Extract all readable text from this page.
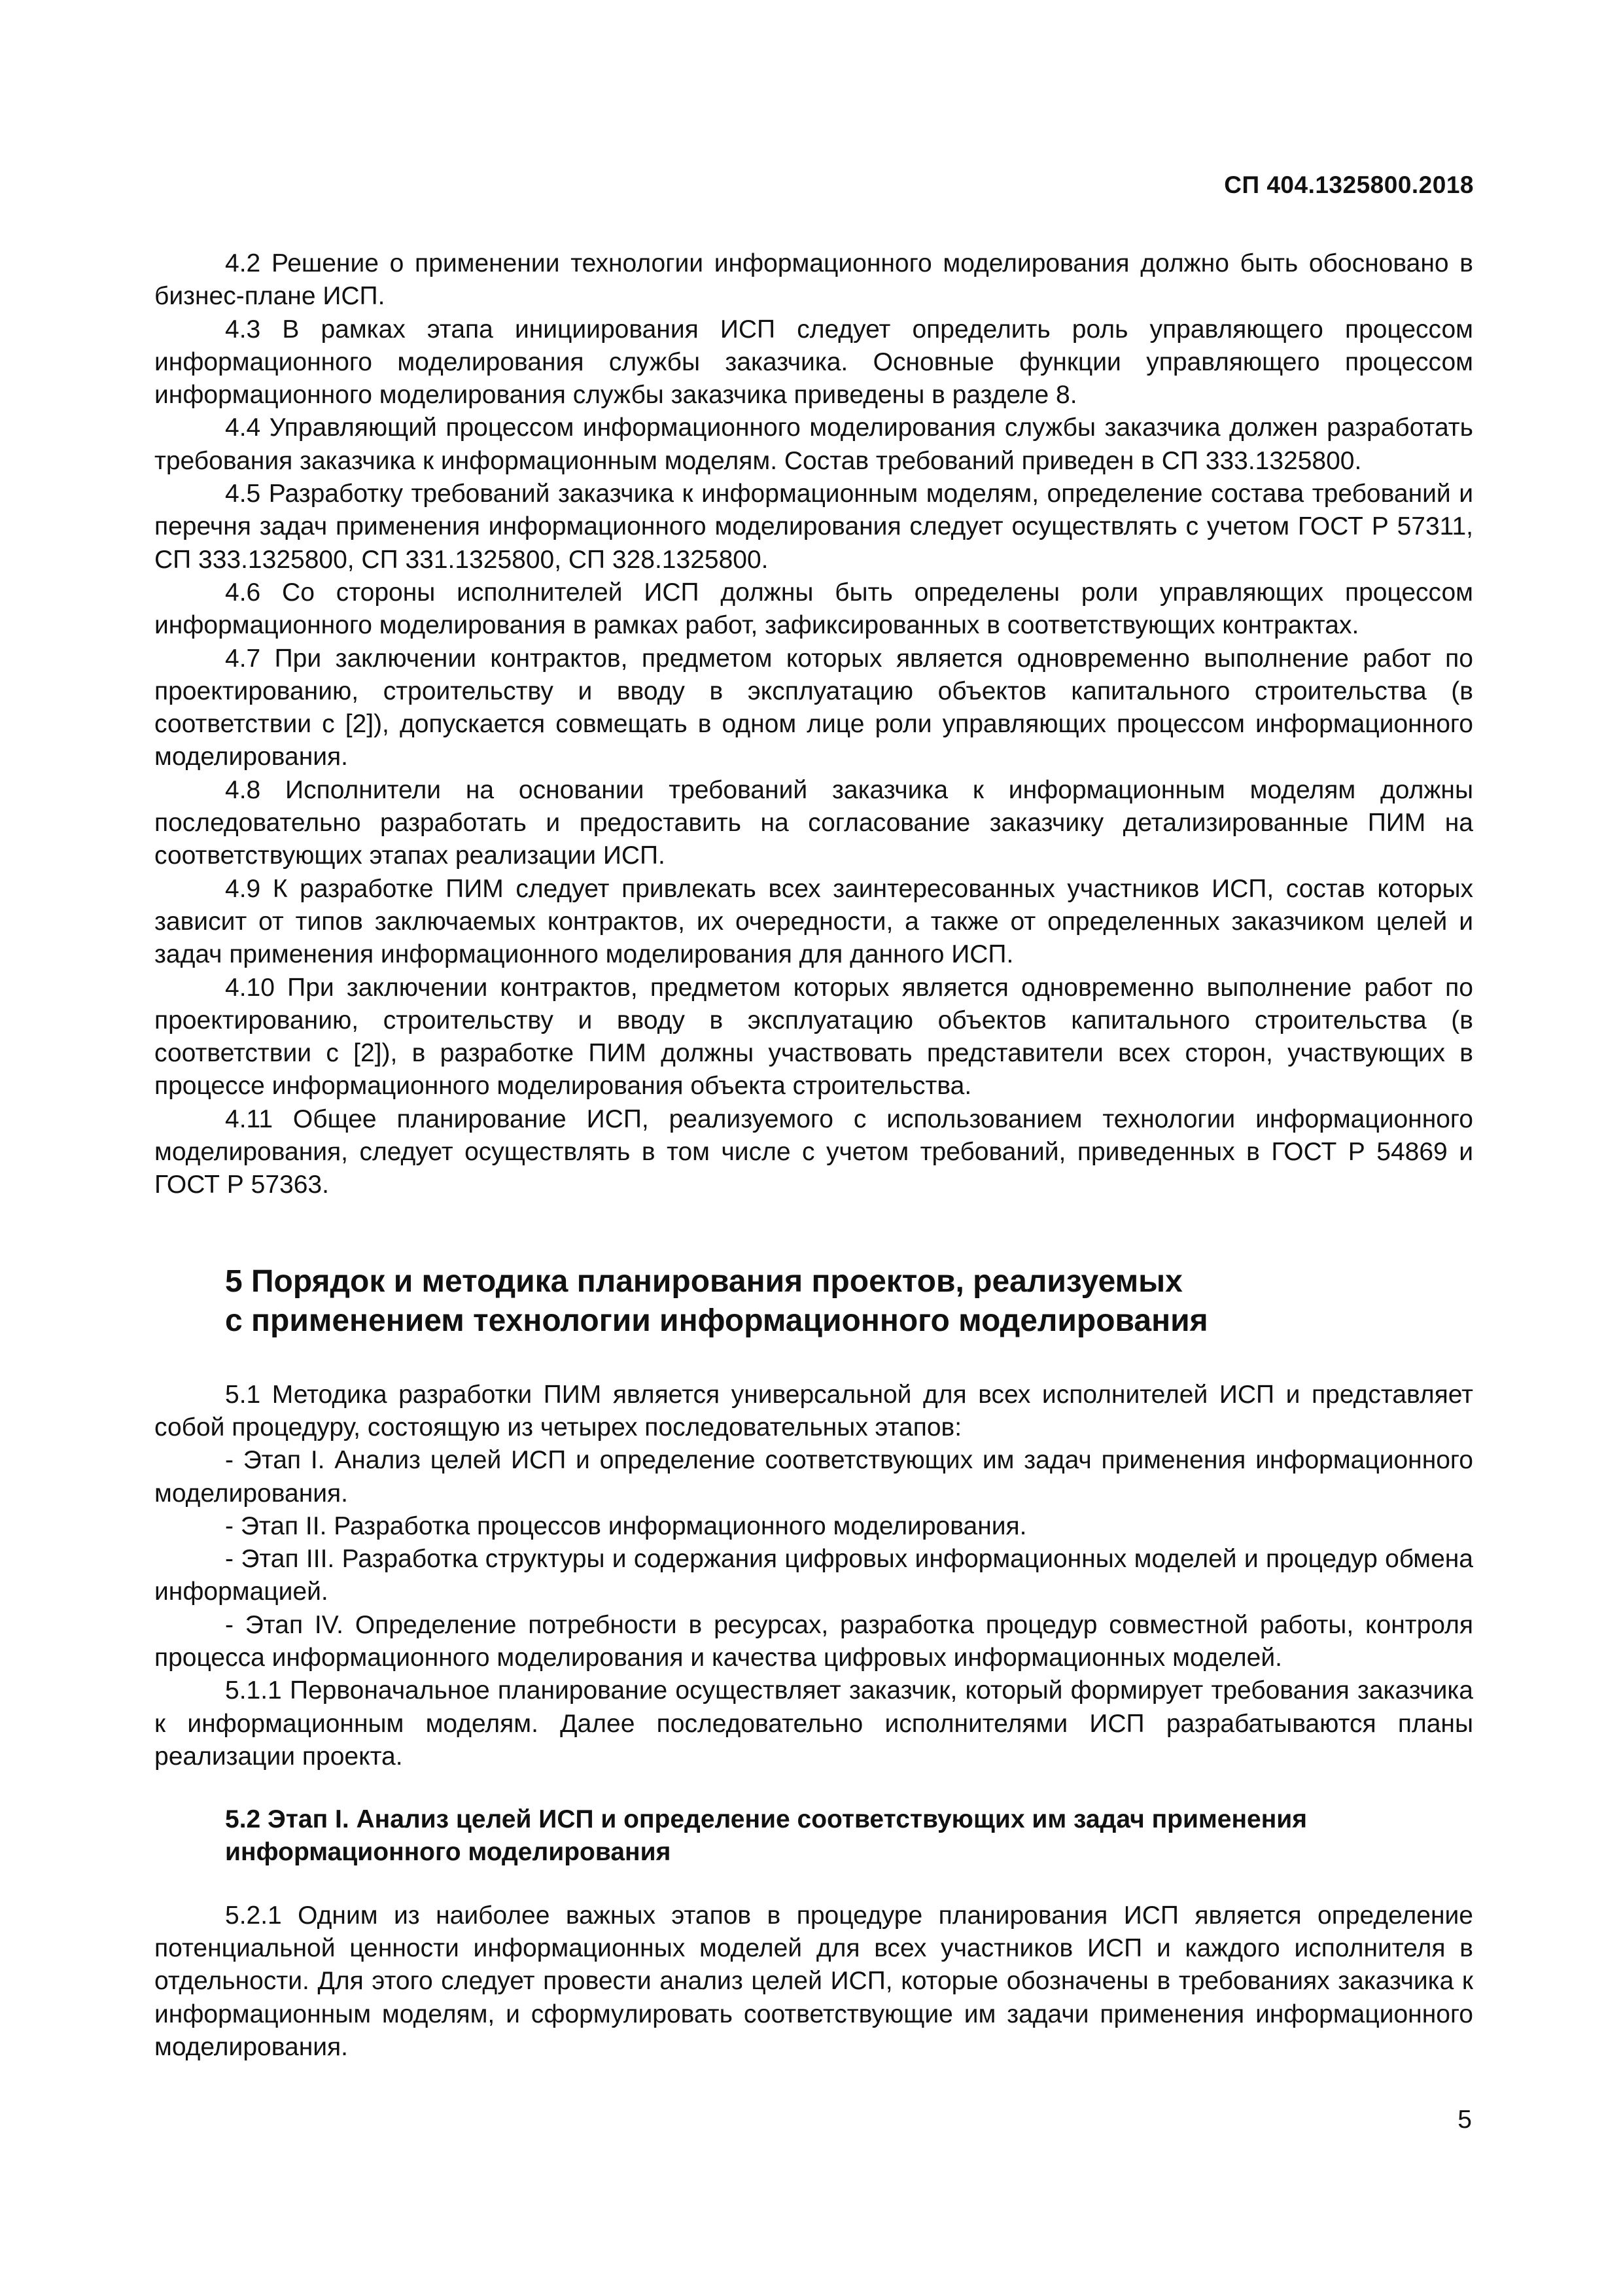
СП 404.1325800.2018

4.2 Решение о применении технологии информационного моделирования должно быть обосновано в бизнес-плане ИСП.

4.3 В рамках этапа инициирования ИСП следует определить роль управляющего процессом информационного моделирования службы заказчика. Основные функции управляющего процессом информационного моделирования службы заказчика приведены в разделе 8.

4.4 Управляющий процессом информационного моделирования службы заказчика должен разработать требования заказчика к информационным моделям. Состав требований приведен в СП 333.1325800.

4.5 Разработку требований заказчика к информационным моделям, определение состава требований и перечня задач применения информационного моделирования следует осуществлять с учетом ГОСТ Р 57311, СП 333.1325800, СП 331.1325800, СП 328.1325800.

4.6 Со стороны исполнителей ИСП должны быть определены роли управляющих процессом информационного моделирования в рамках работ, зафиксированных в соответствующих контрактах.

4.7 При заключении контрактов, предметом которых является одновременно выполнение работ по проектированию, строительству и вводу в эксплуатацию объектов капитального строительства (в соответствии с [2]), допускается совмещать в одном лице роли управляющих процессом информационного моделирования.

4.8 Исполнители на основании требований заказчика к информационным моделям должны последовательно разработать и предоставить на согласование заказчику детализированные ПИМ на соответствующих этапах реализации ИСП.

4.9 К разработке ПИМ следует привлекать всех заинтересованных участников ИСП, состав которых зависит от типов заключаемых контрактов, их очередности, а также от определенных заказчиком целей и задач применения информационного моделирования для данного ИСП.

4.10 При заключении контрактов, предметом которых является одновременно выполнение работ по проектированию, строительству и вводу в эксплуатацию объектов капитального строительства (в соответствии с [2]), в разработке ПИМ должны участвовать представители всех сторон, участвующих в процессе информационного моделирования объекта строительства.

4.11 Общее планирование ИСП, реализуемого с использованием технологии информационного моделирования, следует осуществлять в том числе с учетом требований, приведенных в ГОСТ Р 54869 и ГОСТ Р 57363.

5 Порядок и методика планирования проектов, реализуемых
с применением технологии информационного моделирования

5.1 Методика разработки ПИМ является универсальной для всех исполнителей ИСП и представляет собой процедуру, состоящую из четырех последовательных этапов:

- Этап I. Анализ целей ИСП и определение соответствующих им задач применения информационного моделирования.

- Этап II. Разработка процессов информационного моделирования.

- Этап III. Разработка структуры и содержания цифровых информационных моделей и процедур обмена информацией.

- Этап IV. Определение потребности в ресурсах, разработка процедур совместной работы, контроля процесса информационного моделирования и качества цифровых информационных моделей.

5.1.1 Первоначальное планирование осуществляет заказчик, который формирует требования заказчика к информационным моделям. Далее последовательно исполнителями ИСП разрабатываются планы реализации проекта.

5.2 Этап I. Анализ целей ИСП и определение соответствующих им задач применения
информационного моделирования

5.2.1 Одним из наиболее важных этапов в процедуре планирования ИСП является определение потенциальной ценности информационных моделей для всех участников ИСП и каждого исполнителя в отдельности. Для этого следует провести анализ целей ИСП, которые обозначены в требованиях заказчика к информационным моделям, и сформулировать соответствующие им задачи применения информационного моделирования.

5
